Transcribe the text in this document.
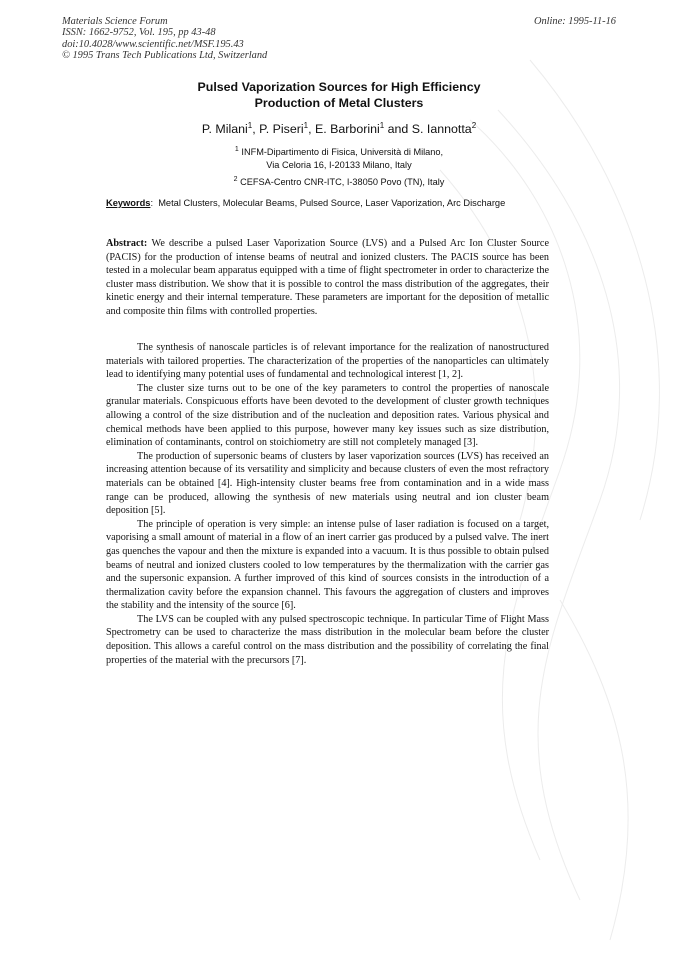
Materials Science Forum
ISSN: 1662-9752, Vol. 195, pp 43-48
doi:10.4028/www.scientific.net/MSF.195.43
© 1995 Trans Tech Publications Ltd, Switzerland
Online: 1995-11-16
Pulsed Vaporization Sources for High Efficiency
Production of Metal Clusters
P. Milani$^1$, P. Piseri$^1$, E. Barborini$^1$ and S. Iannotta$^2$
$^1$ INFM-Dipartimento di Fisica, Università di Milano,
Via Celoria 16, I-20133 Milano, Italy
$^2$ CEFSA-Centro CNR-ITC, I-38050 Povo (TN), Italy
Keywords:  Metal Clusters, Molecular Beams, Pulsed Source, Laser Vaporization, Arc Discharge
Abstract: We describe a pulsed Laser Vaporization Source (LVS) and a Pulsed Arc Ion Cluster Source (PACIS) for the production of intense beams of neutral and ionized clusters. The PACIS source has been tested in a molecular beam apparatus equipped with a time of flight spectrometer in order to characterize the cluster mass distribution. We show that it is possible to control the mass distribution of the aggregates, their kinetic energy and their internal temperature. These parameters are important for the deposition of metallic and composite thin films with controlled properties.

The synthesis of nanoscale particles is of relevant importance for the realization of nanostructured materials with tailored properties. The characterization of the properties of the nanoparticles can ultimately lead to identifying many potential uses of fundamental and technological interest [1, 2].

The cluster size turns out to be one of the key parameters to control the properties of nanoscale granular materials. Conspicuous efforts have been devoted to the development of cluster growth techniques allowing a control of the size distribution and of the nucleation and deposition rates. Various physical and chemical methods have been applied to this purpose, however many key issues such as size distribution, elimination of contaminants, control on stoichiometry are still not completely managed [3].

The production of supersonic beams of clusters by laser vaporization sources (LVS) has received an increasing attention because of its versatility and simplicity and because clusters of even the most refractory materials can be obtained [4]. High-intensity cluster beams free from contamination and in a wide mass range can be produced, allowing the synthesis of new materials using neutral and ion cluster beam deposition [5].

The principle of operation is very simple: an intense pulse of laser radiation is focused on a target, vaporising a small amount of material in a flow of an inert carrier gas produced by a pulsed valve. The inert gas quenches the vapour and then the mixture is expanded into a vacuum. It is thus possible to obtain pulsed beams of neutral and ionized clusters cooled to low temperatures by the thermalization with the carrier gas and the supersonic expansion. A further improved of this kind of sources consists in the introduction of a thermalization cavity before the expansion channel. This favours the aggregation of clusters and improves the stability and the intensity of the source [6].

The LVS can be coupled with any pulsed spectroscopic technique. In particular Time of Flight Mass Spectrometry can be used to characterize the mass distribution in the molecular beam before the cluster deposition. This allows a careful control on the mass distribution and the possibility of correlating the final properties of the material with the precursors [7].
